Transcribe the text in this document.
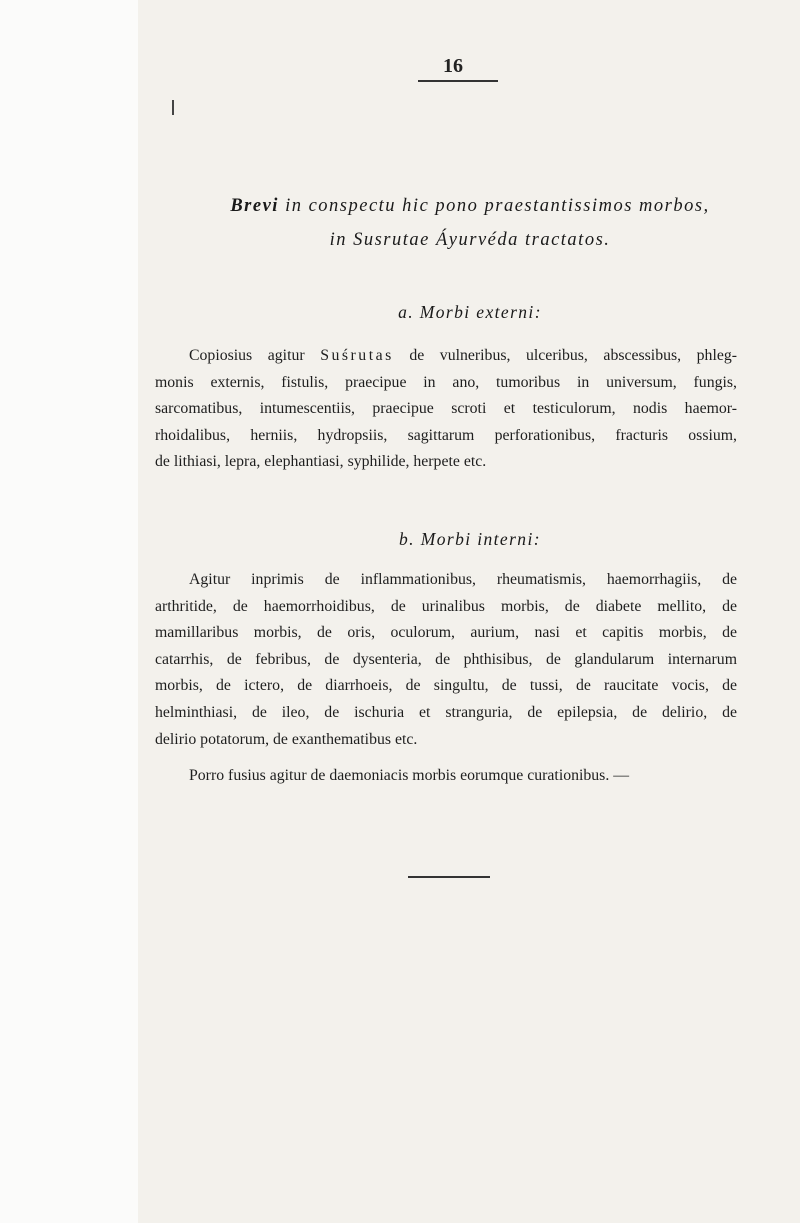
16
Brevi in conspectu hic pono praestantissimos morbos,
in Susrutae Áyurvéda tractatos.
a. Morbi externi:
Copiosius agitur Suśrutas de vulneribus, ulceribus, abscessibus, phleg-
monis externis, fistulis, praecipue in ano, tumoribus in universum, fungis,
sarcomatibus, intumescentiis, praecipue scroti et testiculorum, nodis haemor-
rhoidalibus, herniis, hydropsiis, sagittarum perforationibus, fracturis ossium,
de lithiasi, lepra, elephantiasi, syphilide, herpete etc.
b. Morbi interni:
Agitur inprimis de inflammationibus, rheumatismis, haemorrhagiis, de
arthritide, de haemorrhoidibus, de urinalibus morbis, de diabete mellito, de
mamillaribus morbis, de oris, oculorum, aurium, nasi et capitis morbis, de
catarrhis, de febribus, de dysenteria, de phthisibus, de glandularum internarum
morbis, de ictero, de diarrhoeis, de singultu, de tussi, de raucitate vocis, de
helminthiasi, de ileo, de ischuria et stranguria, de epilepsia, de delirio, de
delirio potatorum, de exanthematibus etc.
Porro fusius agitur de daemoniacis morbis eorumque curationibus. —
